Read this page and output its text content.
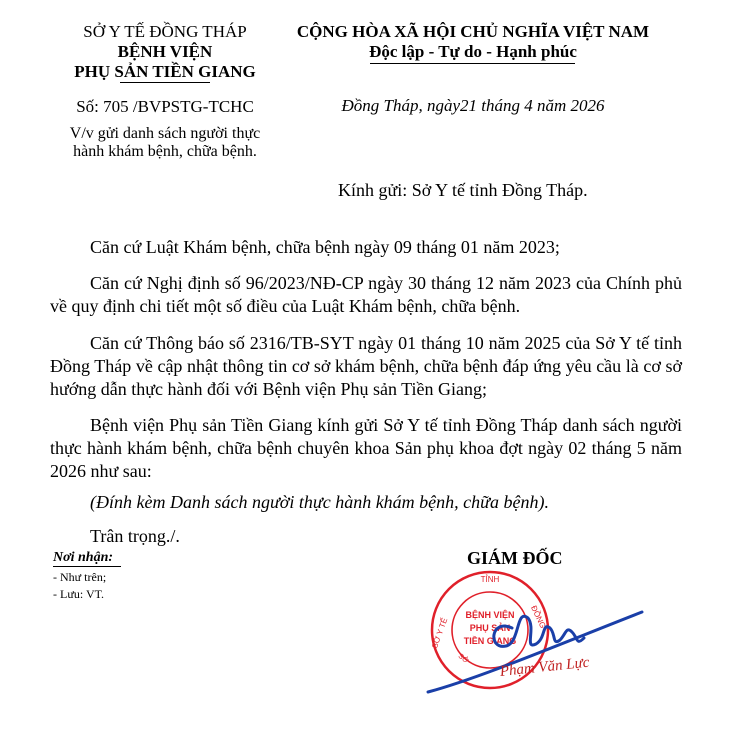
SỞ Y TẾ ĐỒNG THÁP
BỆNH VIỆN
PHỤ SẢN TIỀN GIANG
Số: 705 /BVPSTG-TCHC
V/v gửi danh sách người thực
hành khám bệnh, chữa bệnh.
CỘNG HÒA XÃ HỘI CHỦ NGHĨA VIỆT NAM
Độc lập - Tự do - Hạnh phúc
Đồng Tháp, ngày21 tháng 4 năm 2026
Kính gửi: Sở Y tế tỉnh Đồng Tháp.
Căn cứ Luật Khám bệnh, chữa bệnh ngày 09 tháng 01 năm 2023;
Căn cứ Nghị định số 96/2023/NĐ-CP ngày 30 tháng 12 năm 2023 của Chính phủ về quy định chi tiết một số điều của Luật Khám bệnh, chữa bệnh.
Căn cứ Thông báo số 2316/TB-SYT ngày 01 tháng 10 năm 2025 của Sở Y tế tỉnh Đồng Tháp về cập nhật thông tin cơ sở khám bệnh, chữa bệnh đáp ứng yêu cầu là cơ sở hướng dẫn thực hành đối với Bệnh viện Phụ sản Tiền Giang;
Bệnh viện Phụ sản Tiền Giang kính gửi Sở Y tế tỉnh Đồng Tháp danh sách người thực hành khám bệnh, chữa bệnh chuyên khoa Sản phụ khoa đợt ngày 02 tháng 5 năm 2026 như sau:
(Đính kèm Danh sách người thực hành khám bệnh, chữa bệnh).
Trân trọng./.
Nơi nhận:
- Như trên;
- Lưu: VT.
GIÁM ĐỐC
TỈNH
SỞ Y TẾ	ĐỒNG
BỆNH VIỆN
PHỤ SẢN
TIỀN GIANG
SỞ Phạm Văn Lực
